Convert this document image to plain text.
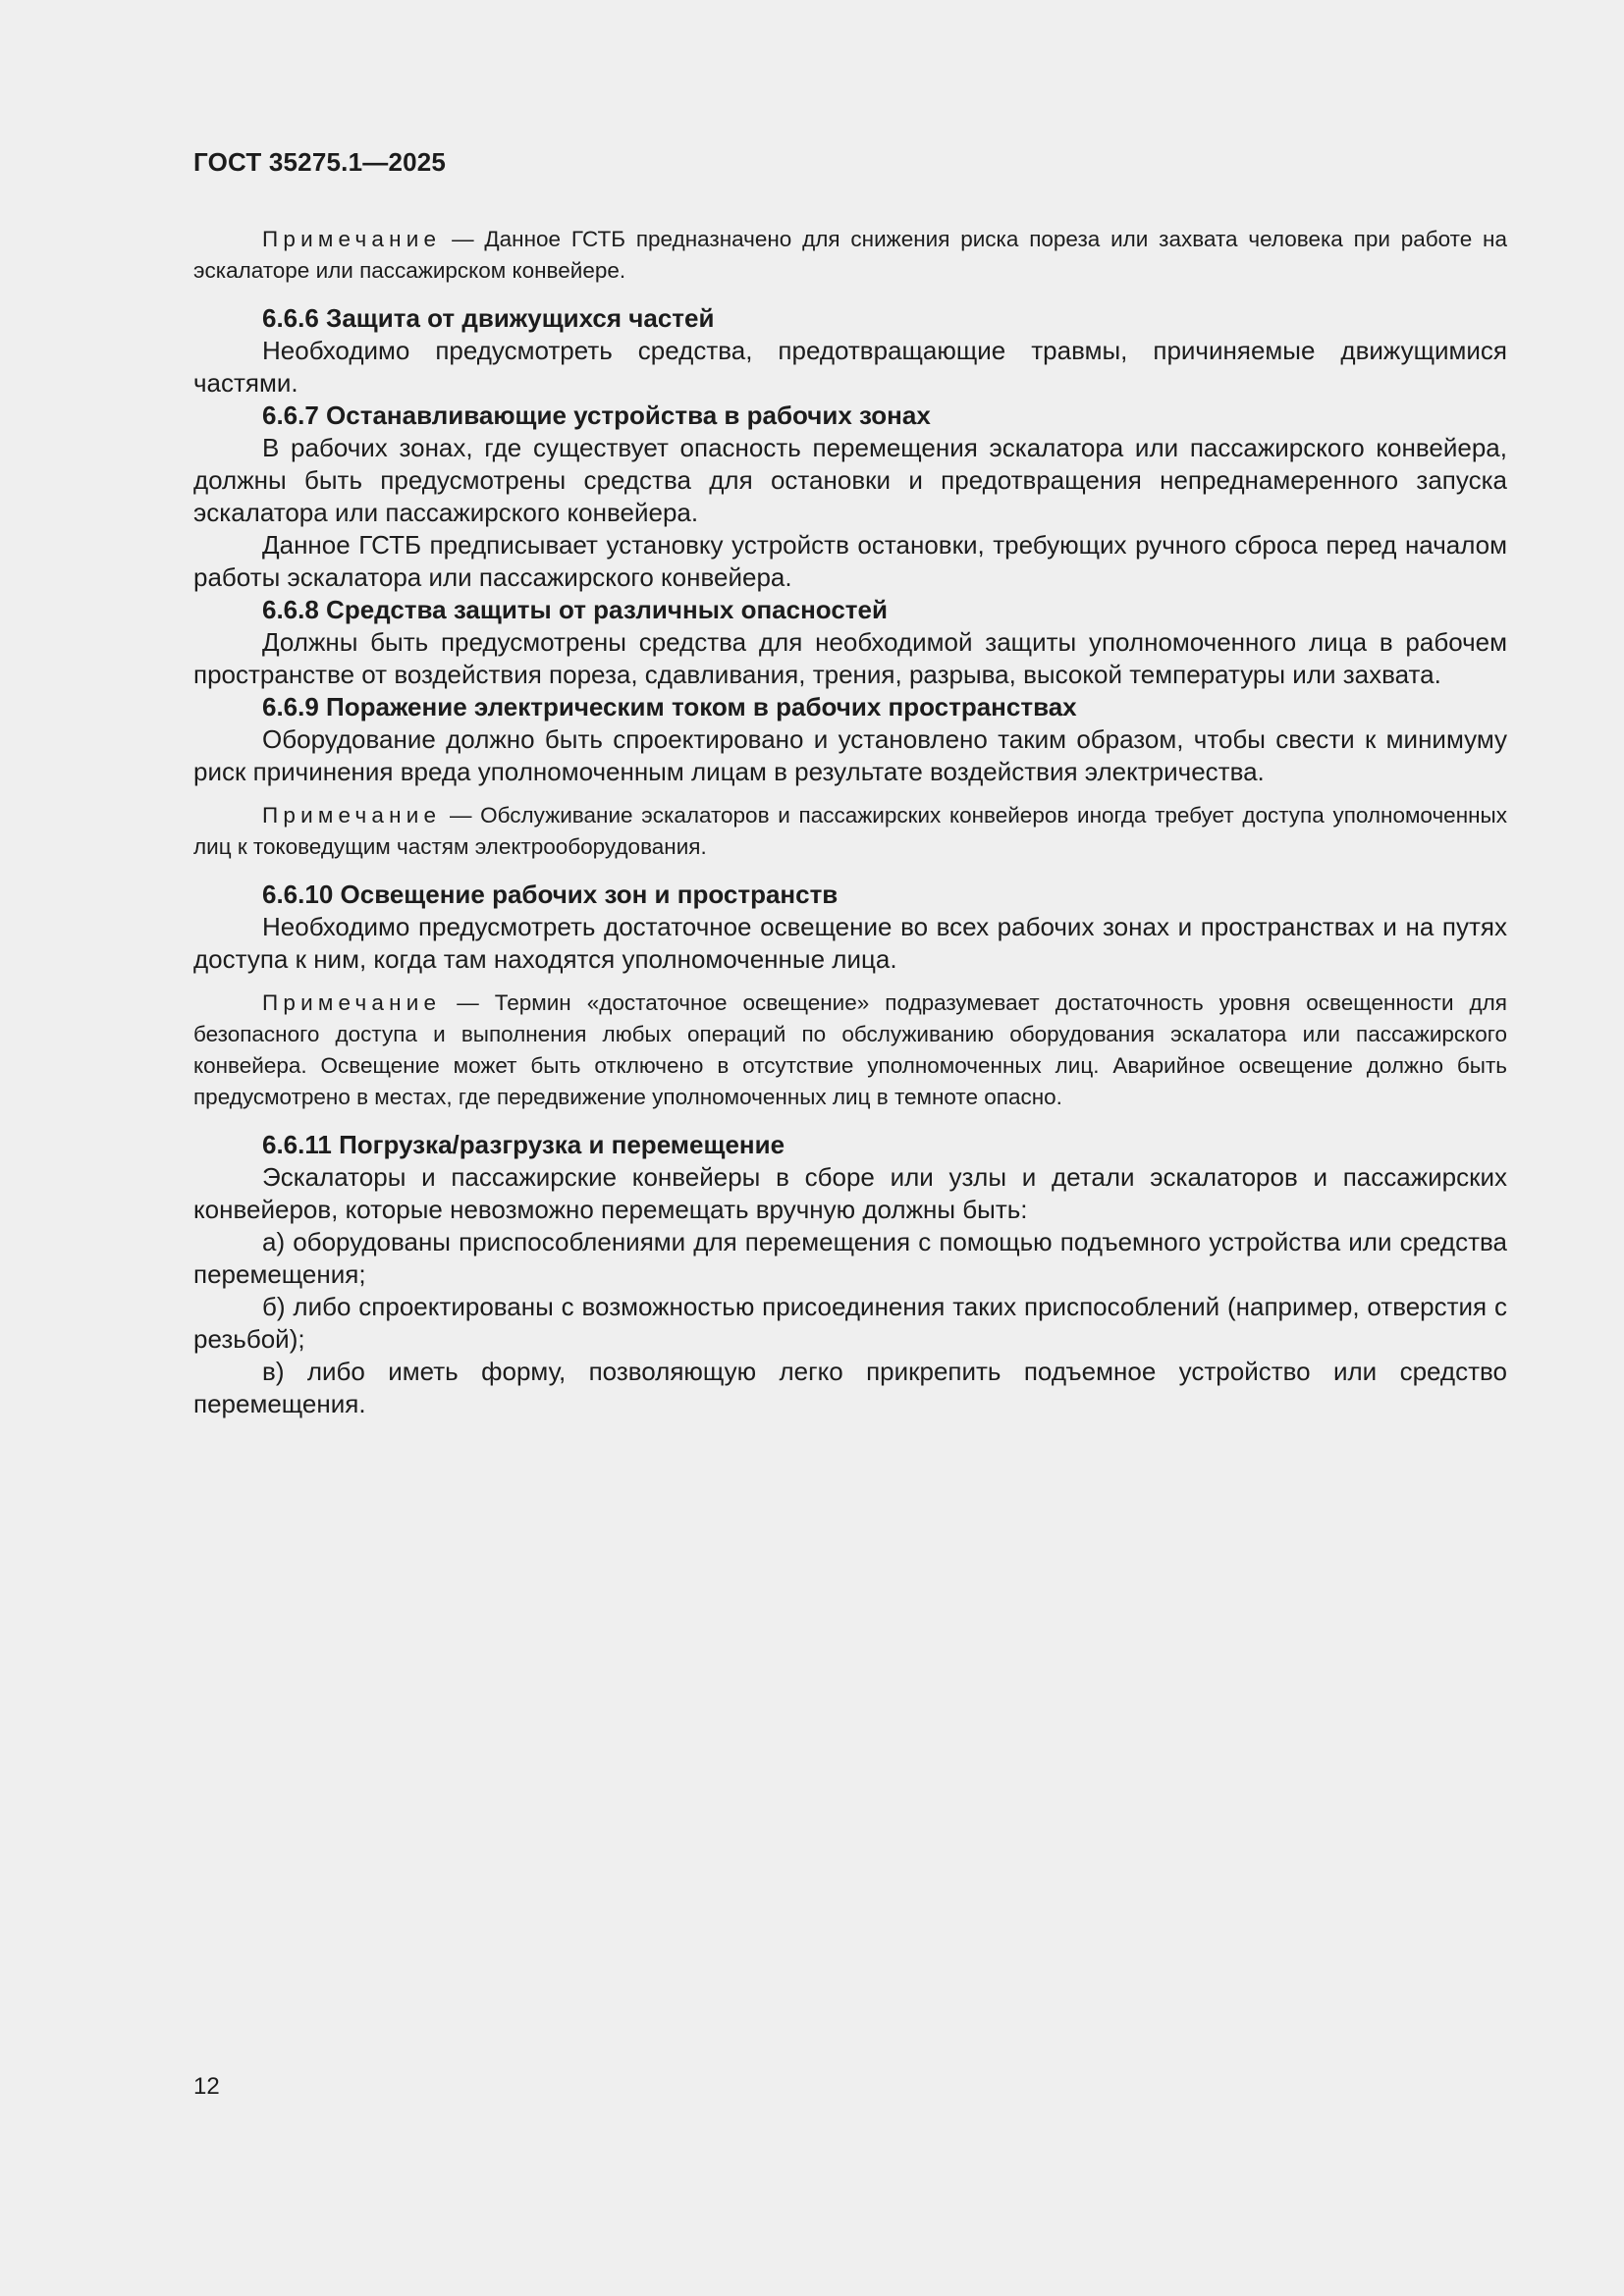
ГОСТ 35275.1—2025

Примечание — Данное ГСТБ предназначено для снижения риска пореза или захвата человека при работе на эскалаторе или пассажирском конвейере.

6.6.6 Защита от движущихся частей

Необходимо предусмотреть средства, предотвращающие травмы, причиняемые движущимися частями.

6.6.7 Останавливающие устройства в рабочих зонах

В рабочих зонах, где существует опасность перемещения эскалатора или пассажирского конвейера, должны быть предусмотрены средства для остановки и предотвращения непреднамеренного запуска эскалатора или пассажирского конвейера.

Данное ГСТБ предписывает установку устройств остановки, требующих ручного сброса перед началом работы эскалатора или пассажирского конвейера.

6.6.8 Средства защиты от различных опасностей

Должны быть предусмотрены средства для необходимой защиты уполномоченного лица в рабочем пространстве от воздействия пореза, сдавливания, трения, разрыва, высокой температуры или захвата.

6.6.9 Поражение электрическим током в рабочих пространствах

Оборудование должно быть спроектировано и установлено таким образом, чтобы свести к минимуму риск причинения вреда уполномоченным лицам в результате воздействия электричества.

Примечание — Обслуживание эскалаторов и пассажирских конвейеров иногда требует доступа уполномоченных лиц к токоведущим частям электрооборудования.

6.6.10 Освещение рабочих зон и пространств

Необходимо предусмотреть достаточное освещение во всех рабочих зонах и пространствах и на путях доступа к ним, когда там находятся уполномоченные лица.

Примечание — Термин «достаточное освещение» подразумевает достаточность уровня освещенности для безопасного доступа и выполнения любых операций по обслуживанию оборудования эскалатора или пассажирского конвейера. Освещение может быть отключено в отсутствие уполномоченных лиц. Аварийное освещение должно быть предусмотрено в местах, где передвижение уполномоченных лиц в темноте опасно.

6.6.11 Погрузка/разгрузка и перемещение

Эскалаторы и пассажирские конвейеры в сборе или узлы и детали эскалаторов и пассажирских конвейеров, которые невозможно перемещать вручную должны быть:

а) оборудованы приспособлениями для перемещения с помощью подъемного устройства или средства перемещения;

б) либо спроектированы с возможностью присоединения таких приспособлений (например, отверстия с резьбой);

в) либо иметь форму, позволяющую легко прикрепить подъемное устройство или средство перемещения.

12
